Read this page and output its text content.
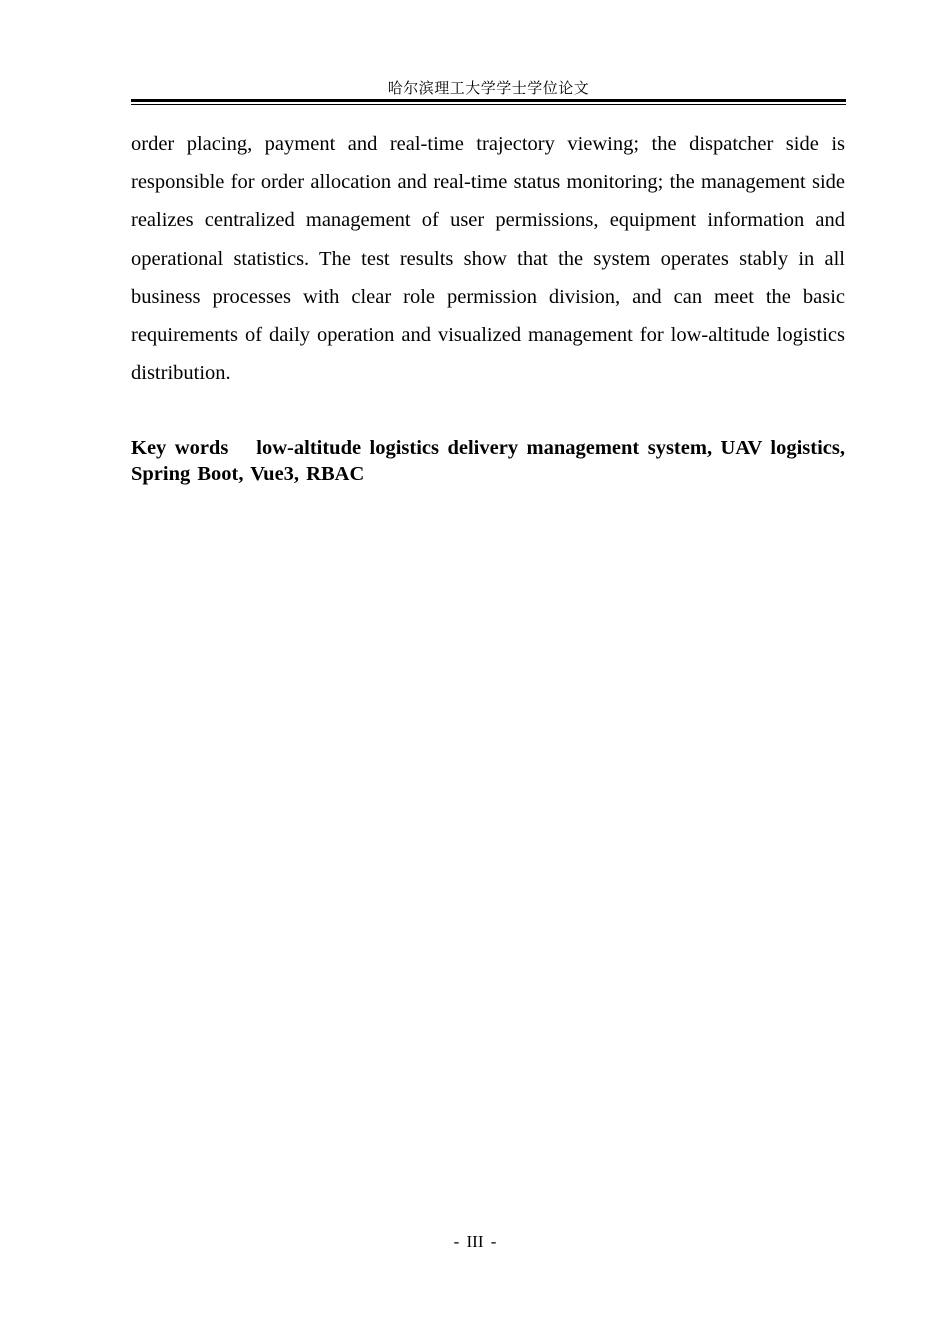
哈尔滨理工大学学士学位论文

order placing, payment and real-time trajectory viewing; the dispatcher side is responsible for order allocation and real-time status monitoring; the management side realizes centralized management of user permissions, equipment information and operational statistics. The test results show that the system operates stably in all business processes with clear role permission division, and can meet the basic requirements of daily operation and visualized management for low-altitude logistics distribution.

Key words low-altitude logistics delivery management system, UAV logistics, Spring Boot, Vue3, RBAC

- III -
